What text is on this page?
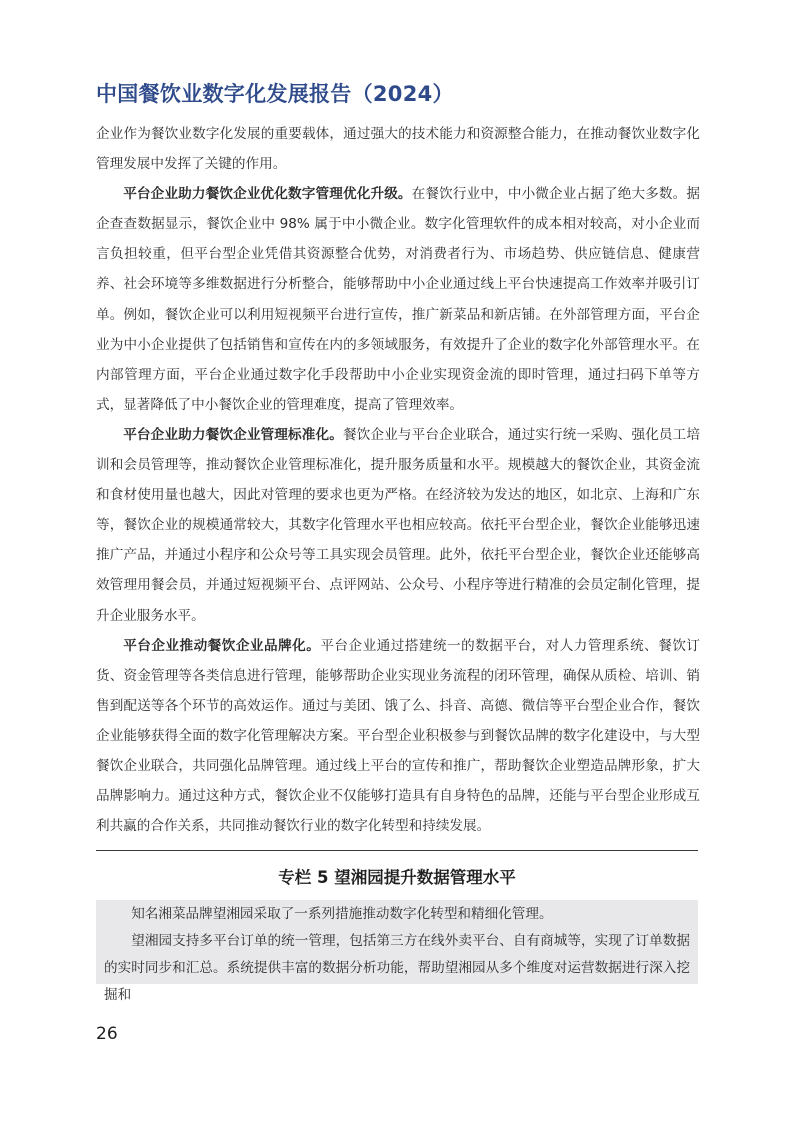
中国餐饮业数字化发展报告（2024）

企业作为餐饮业数字化发展的重要载体，通过强大的技术能力和资源整合能力，在推动餐饮业数字化管理发展中发挥了关键的作用。

平台企业助力餐饮企业优化数字管理优化升级。在餐饮行业中，中小微企业占据了绝大多数。据企查查数据显示，餐饮企业中 98% 属于中小微企业。数字化管理软件的成本相对较高，对小企业而言负担较重，但平台型企业凭借其资源整合优势，对消费者行为、市场趋势、供应链信息、健康营养、社会环境等多维数据进行分析整合，能够帮助中小企业通过线上平台快速提高工作效率并吸引订单。例如，餐饮企业可以利用短视频平台进行宣传，推广新菜品和新店铺。在外部管理方面，平台企业为中小企业提供了包括销售和宣传在内的多领域服务，有效提升了企业的数字化外部管理水平。在内部管理方面，平台企业通过数字化手段帮助中小企业实现资金流的即时管理，通过扫码下单等方式，显著降低了中小餐饮企业的管理难度，提高了管理效率。

平台企业助力餐饮企业管理标准化。餐饮企业与平台企业联合，通过实行统一采购、强化员工培训和会员管理等，推动餐饮企业管理标准化，提升服务质量和水平。规模越大的餐饮企业，其资金流和食材使用量也越大，因此对管理的要求也更为严格。在经济较为发达的地区，如北京、上海和广东等，餐饮企业的规模通常较大，其数字化管理水平也相应较高。依托平台型企业，餐饮企业能够迅速推广产品，并通过小程序和公众号等工具实现会员管理。此外，依托平台型企业，餐饮企业还能够高效管理用餐会员，并通过短视频平台、点评网站、公众号、小程序等进行精准的会员定制化管理，提升企业服务水平。

平台企业推动餐饮企业品牌化。平台企业通过搭建统一的数据平台，对人力管理系统、餐饮订货、资金管理等各类信息进行管理，能够帮助企业实现业务流程的闭环管理，确保从质检、培训、销售到配送等各个环节的高效运作。通过与美团、饿了么、抖音、高德、微信等平台型企业合作，餐饮企业能够获得全面的数字化管理解决方案。平台型企业积极参与到餐饮品牌的数字化建设中，与大型餐饮企业联合，共同强化品牌管理。通过线上平台的宣传和推广，帮助餐饮企业塑造品牌形象，扩大品牌影响力。通过这种方式，餐饮企业不仅能够打造具有自身特色的品牌，还能与平台型企业形成互利共赢的合作关系，共同推动餐饮行业的数字化转型和持续发展。

专栏 5 望湘园提升数据管理水平

知名湘菜品牌望湘园采取了一系列措施推动数字化转型和精细化管理。

望湘园支持多平台订单的统一管理，包括第三方在线外卖平台、自有商城等，实现了订单数据的实时同步和汇总。系统提供丰富的数据分析功能，帮助望湘园从多个维度对运营数据进行深入挖掘和

26
